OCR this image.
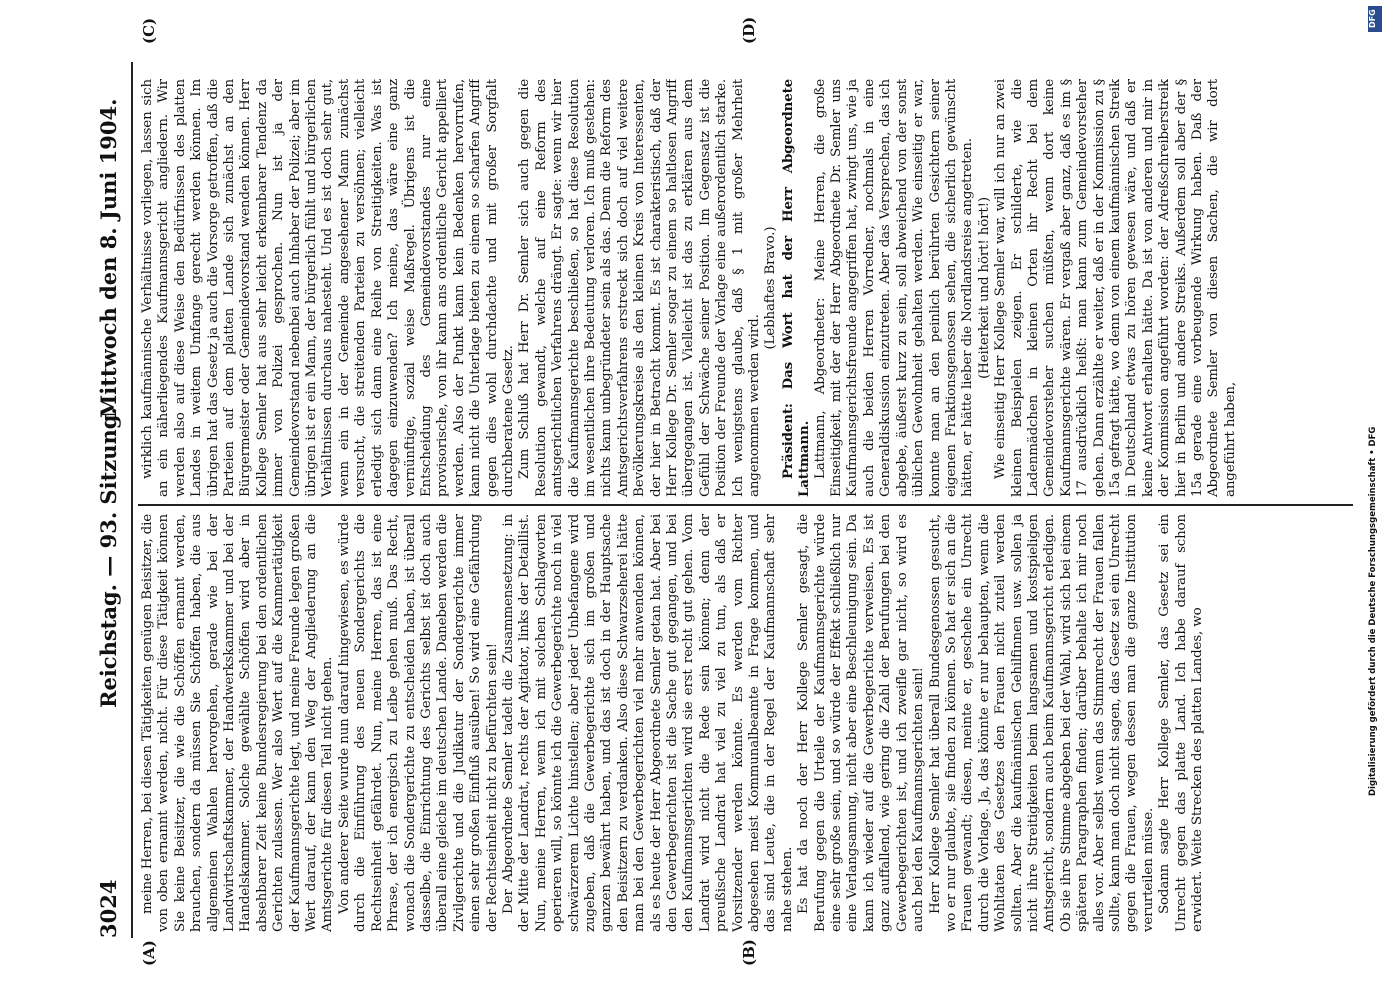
3024
Reichstag. — 93. Sitzung.
Mittwoch den 8. Juni 1904.
(A)	(B)
(C)	(D)

meine Herren, bei diesen Tätigkeiten genügen Beisitzer, die von oben ernannt werden, nicht. Für diese Tätigkeit können Sie keine Beisitzer, die wie die Schöffen ernannt werden, brauchen, sondern da müssen Sie Schöffen haben, die aus allgemeinen Wahlen hervorgehen, gerade wie bei der Landwirtschaftskammer, der Handwerkskammer und bei der Handelskammer. Solche gewählte Schöffen wird aber in absehbarer Zeit keine Bundesregierung bei den ordentlichen Gerichten zulassen. Wer also Wert auf die Kammertätigkeit der Kaufmannsgerichte legt, und meine Freunde legen großen Wert darauf, der kann den Weg der Angliederung an die Amtsgerichte für diesen Teil nicht gehen. Von anderer Seite wurde nun darauf hingewiesen, es würde durch die Einführung des neuen Sondergerichts die Rechtseinheit gefährdet. Nun, meine Herren, das ist eine Phrase, der ich energisch zu Leibe gehen muß. Das Recht, wonach die Sondergerichte zu entscheiden haben, ist überall dasselbe, die Einrichtung des Gerichts selbst ist doch auch überall eine gleiche im deutschen Lande. Daneben werden die Zivilgerichte und die Judikatur der Sondergerichte immer einen sehr großen Einfluß ausüben! So wird eine Gefährdung der Rechtseinheit nicht zu befürchten sein! Der Abgeordnete Semler tadelt die Zusammensetzung: in der Mitte der Landrat, rechts der Agitator, links der Detaillist. Nun, meine Herren, wenn ich mit solchen Schlagworten operieren will, so könnte ich die Gewerbegerichte noch in viel schwärzerem Lichte hinstellen; aber jeder Unbefangene wird zugeben, daß die Gewerbegerichte sich im großen und ganzen bewährt haben, und das ist doch in der Hauptsache den Beisitzern zu verdanken. Also diese Schwarzseherei hätte man bei den Gewerbegerichten viel mehr anwenden können, als es heute der Herr Abgeordnete Semler getan hat. Aber bei den Gewerbegerichten ist die Sache gut gegangen, und bei den Kaufmannsgerichten wird sie erst recht gut gehen. Vom Landrat wird nicht die Rede sein können; denn der preußische Landrat hat viel zu viel zu tun, als daß er Vorsitzender werden könnte. Es werden vom Richter abgesehen meist Kommunalbeamte in Frage kommen, und das sind Leute, die in der Regel der Kaufmannschaft sehr nahe stehen. Es hat da noch der Herr Kollege Semler gesagt, die Berufung gegen die Urteile der Kaufmannsgerichte würde eine sehr große sein, und so würde der Effekt schließlich nur eine Verlangsamung, nicht aber eine Beschleunigung sein. Da kann ich wieder auf die Gewerbegerichte verweisen. Es ist ganz auffallend, wie gering die Zahl der Berufungen bei den Gewerbegerichten ist, und ich zweifle gar nicht, so wird es auch bei den Kaufmannsgerichten sein! Herr Kollege Semler hat überall Bundesgenossen gesucht, wo er nur glaubte, sie finden zu können. So hat er sich an die Frauen gewandt; diesen, meinte er, geschehe ein Unrecht durch die Vorlage. Ja, das könnte er nur behaupten, wenn die Wohltaten des Gesetzes den Frauen nicht zuteil werden sollten. Aber die kaufmännischen Gehilfinnen usw. sollen ja nicht ihre Streitigkeiten beim langsamen und kostspieligen Amtsgericht, sondern auch beim Kaufmannsgericht erledigen. Ob sie ihre Stimme abgeben bei der Wahl, wird sich bei einem späteren Paragraphen finden; darüber behalte ich mir noch alles vor. Aber selbst wenn das Stimmrecht der Frauen fallen sollte, kann man doch nicht sagen, das Gesetz sei ein Unrecht gegen die Frauen, wegen dessen man die ganze Institution verurteilen müsse. Sodann sagte Herr Kollege Semler, das Gesetz sei ein Unrecht gegen das platte Land. Ich habe darauf schon erwidert. Weite Strecken des platten Landes, wo

wirklich kaufmännische Verhältnisse vorliegen, lassen sich an ein näherliegendes Kaufmannsgericht angliedern. Wir werden also auf diese Weise den Bedürfnissen des platten Landes in weitem Umfange gerecht werden können. Im übrigen hat das Gesetz ja auch die Vorsorge getroffen, daß die Parteien auf dem platten Lande sich zunächst an den Bürgermeister oder Gemeindevorstand wenden können. Herr Kollege Semler hat aus sehr leicht erkennbarer Tendenz da immer von Polizei gesprochen. Nun ist ja der Gemeindevorstand nebenbei auch Inhaber der Polizei; aber im übrigen ist er ein Mann, der bürgerlich fühlt und bürgerlichen Verhältnissen durchaus nahesteht. Und es ist doch sehr gut, wenn ein in der Gemeinde angesehener Mann zunächst versucht, die streitenden Parteien zu versöhnen; vielleicht erledigt sich dann eine Reihe von Streitigkeiten. Was ist dagegen einzuwenden? Ich meine, das wäre eine ganz vernünftige, sozial weise Maßregel. Übrigens ist die Entscheidung des Gemeindevorstandes nur eine provisorische, von ihr kann ans ordentliche Gericht appelliert werden. Also der Punkt kann kein Bedenken hervorrufen, kann nicht die Unterlage bieten zu einem so scharfen Angriff gegen dies wohl durchdachte und mit großer Sorgfalt durchberatene Gesetz. Zum Schluß hat Herr Dr. Semler sich auch gegen die Resolution gewandt, welche auf eine Reform des amtsgerichtlichen Verfahrens drängt. Er sagte: wenn wir hier die Kaufmannsgerichte beschließen, so hat diese Resolution im wesentlichen ihre Bedeutung verloren. Ich muß gestehen: nichts kann unbegründeter sein als das. Denn die Reform des Amtsgerichtsverfahrens erstreckt sich doch auf viel weitere Bevölkerungskreise als den kleinen Kreis von Interessenten, der hier in Betracht kommt. Es ist charakteristisch, daß der Herr Kollege Dr. Semler sogar zu einem so haltlosen Angriff übergegangen ist. Vielleicht ist das zu erklären aus dem Gefühl der Schwäche seiner Position. Im Gegensatz ist die Position der Freunde der Vorlage eine außerordentlich starke. Ich wenigstens glaube, daß § 1 mit großer Mehrheit angenommen werden wird.

(Lebhaftes Bravo.) Präsident: Das Wort hat der Herr Abgeordnete Lattmann. Lattmann, Abgeordneter: Meine Herren, die große Einseitigkeit, mit der der Herr Abgeordnete Dr. Semler uns Kaufmannsgerichtsfreunde angegriffen hat, zwingt uns, wie ja auch die beiden Herren Vorredner, nochmals in eine Generaldiskussion einzutreten. Aber das Versprechen, das ich abgebe, äußerst kurz zu sein, soll abweichend von der sonst üblichen Gewohnheit gehalten werden. Wie einseitig er war, konnte man an den peinlich berührten Gesichtern seiner eigenen Fraktionsgenossen sehen, die sicherlich gewünscht hätten, er hätte lieber die Nordlandsreise angetreten. (Heiterkeit und hört! hört!) Wie einseitig Herr Kollege Semler war, will ich nur an zwei kleinen Beispielen zeigen. Er schilderte, wie die Ladenmädchen in kleinen Orten ihr Recht bei dem Gemeindevorsteher suchen müßten, wenn dort keine Kaufmannsgerichte wären. Er vergaß aber ganz, daß es im § 17 ausdrücklich heißt: man kann zum Gemeindevorsteher gehen. Dann erzählte er weiter, daß er in der Kommission zu § 15a gefragt hätte, wo denn von einem kaufmännischen Streik in Deutschland etwas zu hören gewesen wäre, und daß er keine Antwort erhalten hätte. Da ist von anderen und mir in der Kommission angeführt worden: der Adreßschreiberstreik hier in Berlin und andere Streiks. Außerdem soll aber der § 15a gerade eine vorbeugende Wirkung haben. Daß der Abgeordnete Semler von diesen Sachen, die wir dort angeführt haben,

DFG
Digitalisierung gefördert durch die Deutsche Forschungsgemeinschaft • DFG
